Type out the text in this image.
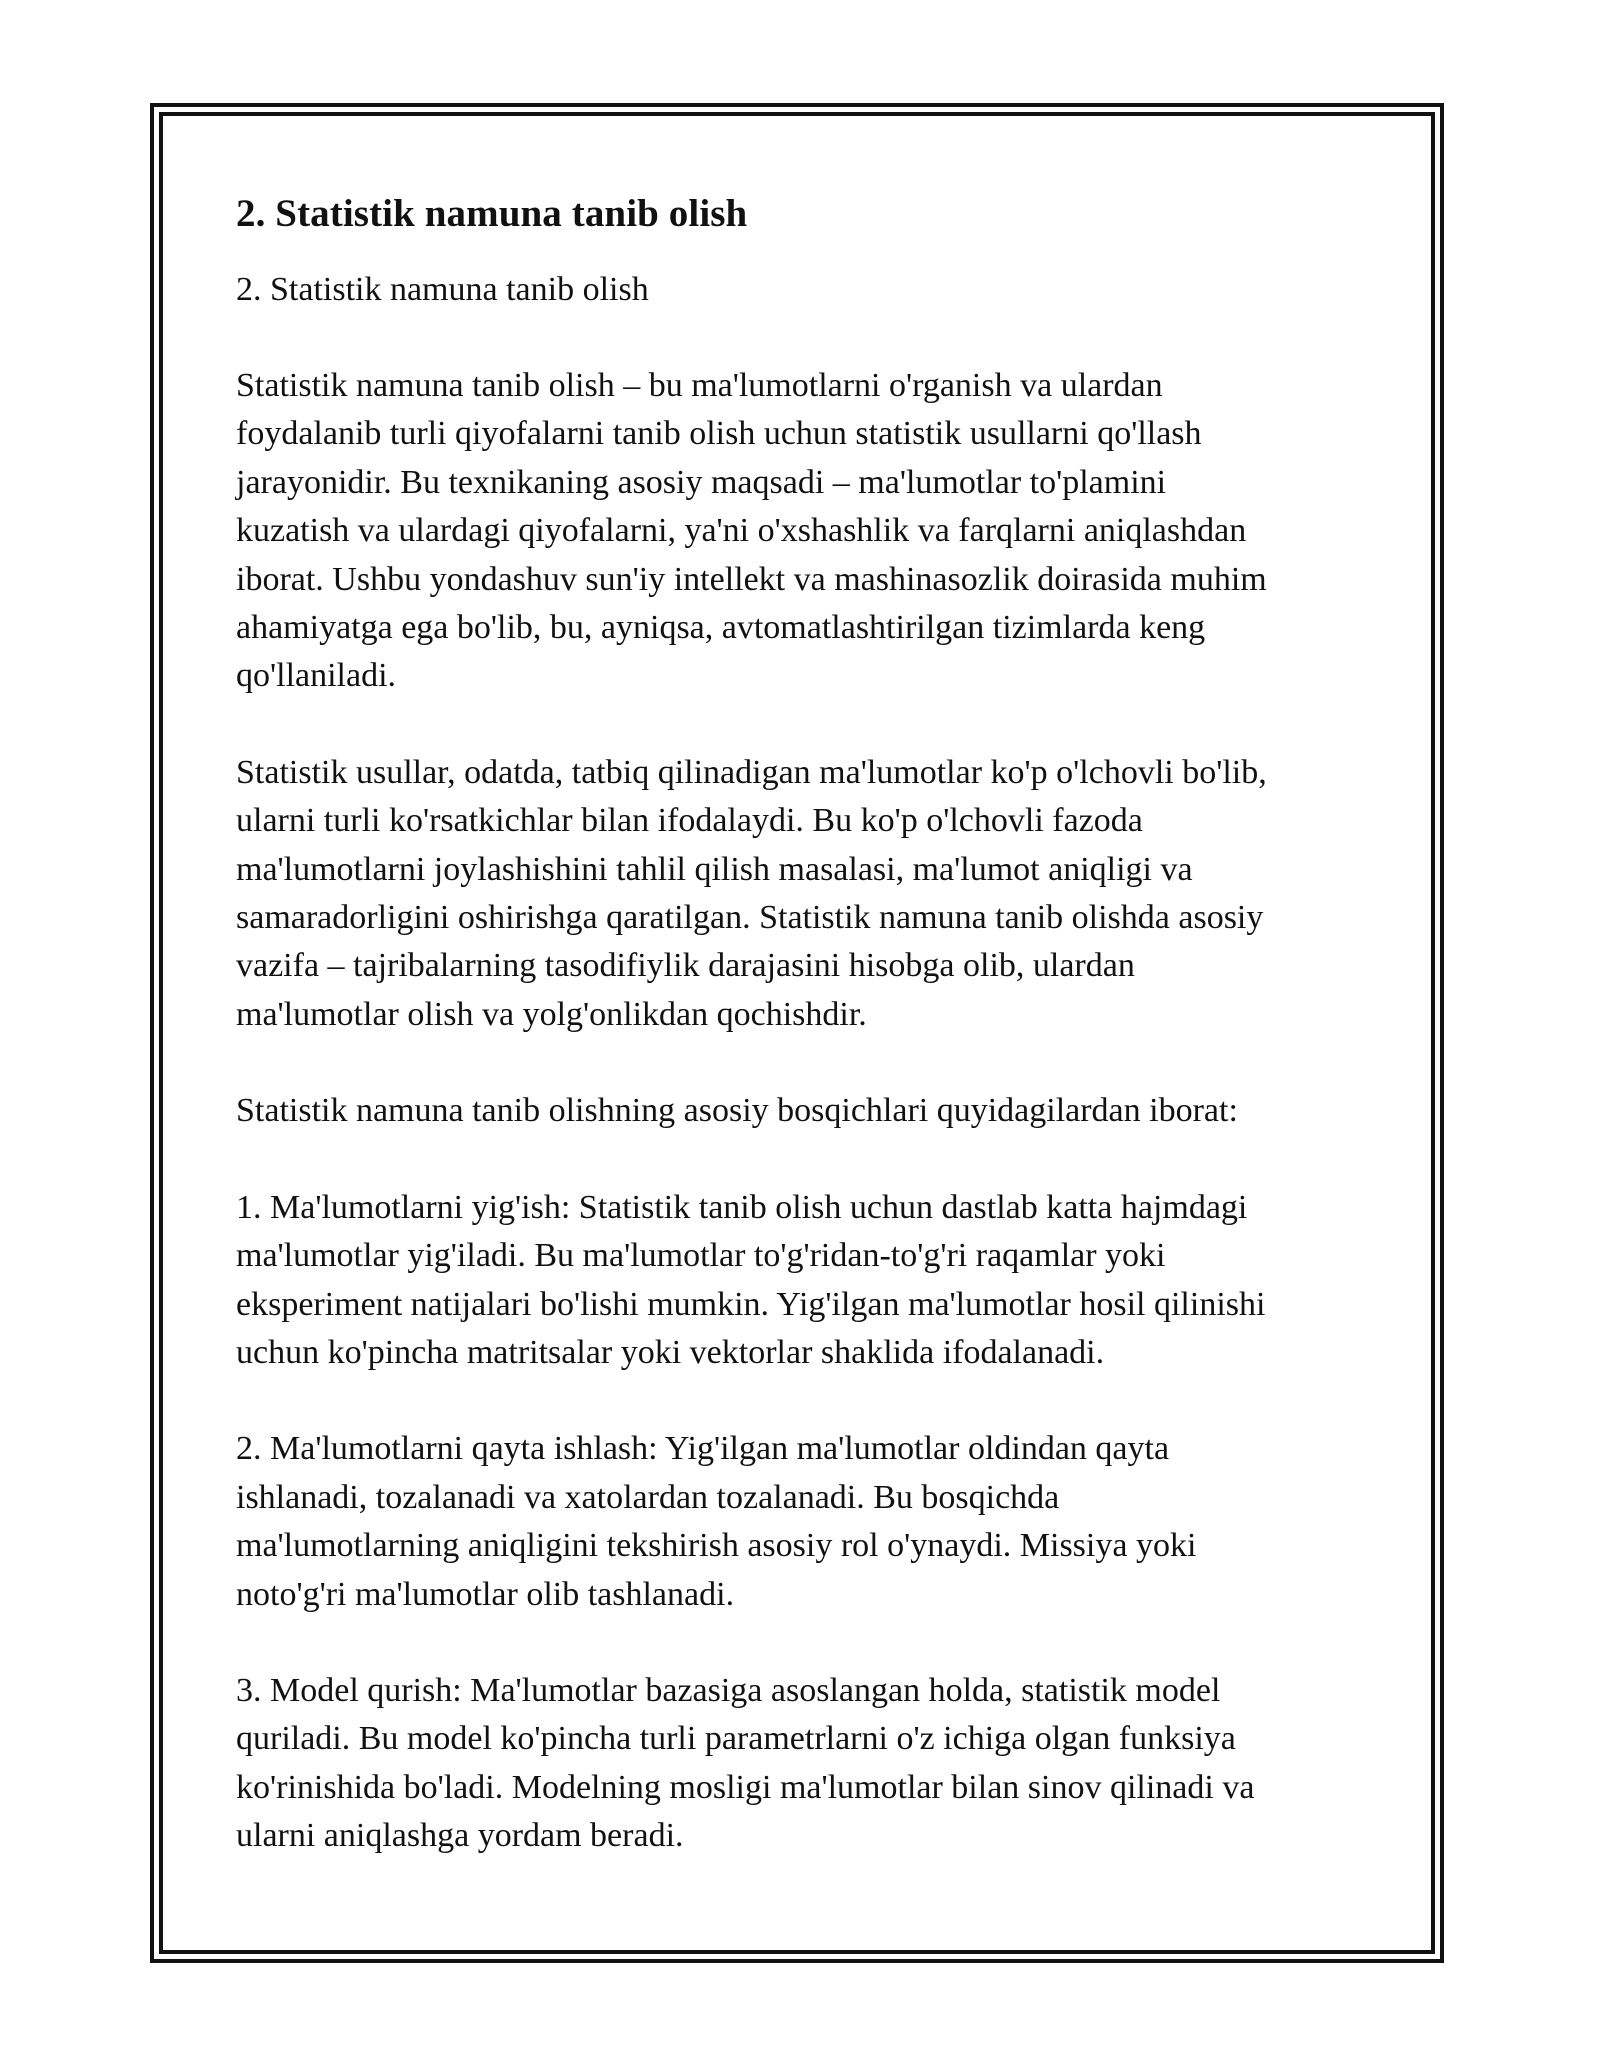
2. Statistik namuna tanib olish

2. Statistik namuna tanib olish

Statistik namuna tanib olish – bu ma'lumotlarni o'rganish va ulardan
foydalanib turli qiyofalarni tanib olish uchun statistik usullarni qo'llash
jarayonidir. Bu texnikaning asosiy maqsadi – ma'lumotlar to'plamini
kuzatish va ulardagi qiyofalarni, ya'ni o'xshashlik va farqlarni aniqlashdan
iborat. Ushbu yondashuv sun'iy intellekt va mashinasozlik doirasida muhim
ahamiyatga ega bo'lib, bu, ayniqsa, avtomatlashtirilgan tizimlarda keng
qo'llaniladi.

Statistik usullar, odatda, tatbiq qilinadigan ma'lumotlar ko'p o'lchovli bo'lib,
ularni turli ko'rsatkichlar bilan ifodalaydi. Bu ko'p o'lchovli fazoda
ma'lumotlarni joylashishini tahlil qilish masalasi, ma'lumot aniqligi va
samaradorligini oshirishga qaratilgan. Statistik namuna tanib olishda asosiy
vazifa – tajribalarning tasodifiylik darajasini hisobga olib, ulardan
ma'lumotlar olish va yolg'onlikdan qochishdir.

Statistik namuna tanib olishning asosiy bosqichlari quyidagilardan iborat:

1. Ma'lumotlarni yig'ish: Statistik tanib olish uchun dastlab katta hajmdagi
ma'lumotlar yig'iladi. Bu ma'lumotlar to'g'ridan-to'g'ri raqamlar yoki
eksperiment natijalari bo'lishi mumkin. Yig'ilgan ma'lumotlar hosil qilinishi
uchun ko'pincha matritsalar yoki vektorlar shaklida ifodalanadi.

2. Ma'lumotlarni qayta ishlash: Yig'ilgan ma'lumotlar oldindan qayta
ishlanadi, tozalanadi va xatolardan tozalanadi. Bu bosqichda
ma'lumotlarning aniqligini tekshirish asosiy rol o'ynaydi. Missiya yoki
noto'g'ri ma'lumotlar olib tashlanadi.

3. Model qurish: Ma'lumotlar bazasiga asoslangan holda, statistik model
quriladi. Bu model ko'pincha turli parametrlarni o'z ichiga olgan funksiya
ko'rinishida bo'ladi. Modelning mosligi ma'lumotlar bilan sinov qilinadi va
ularni aniqlashga yordam beradi.
